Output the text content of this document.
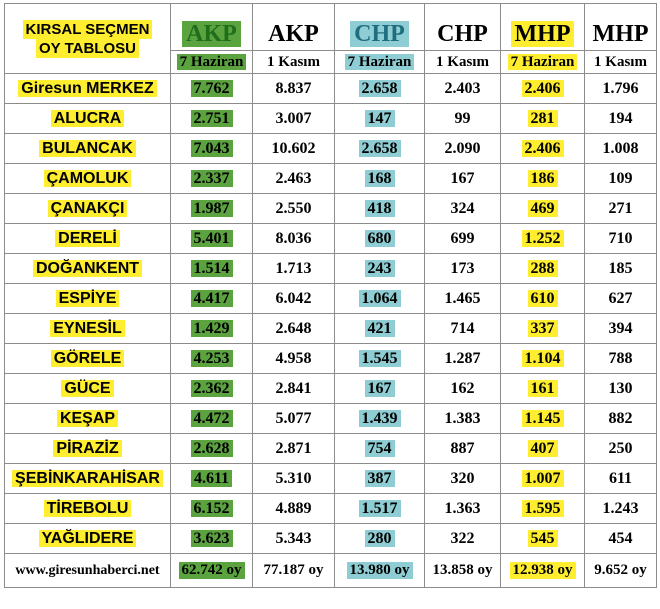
KIRSAL SEÇMEN
OY TABLOSU	AKP	AKP	CHP	CHP	MHP	MHP
	7 Haziran	1 Kasım	7 Haziran	1 Kasım	7 Haziran	1 Kasım
Giresun MERKEZ	7.762	8.837	2.658	2.403	2.406	1.796
ALUCRA	2.751	3.007	147	99	281	194
BULANCAK	7.043	10.602	2.658	2.090	2.406	1.008
ÇAMOLUK	2.337	2.463	168	167	186	109
ÇANAKÇI	1.987	2.550	418	324	469	271
DERELİ	5.401	8.036	680	699	1.252	710
DOĞANKENT	1.514	1.713	243	173	288	185
ESPİYE	4.417	6.042	1.064	1.465	610	627
EYNESİL	1.429	2.648	421	714	337	394
GÖRELE	4.253	4.958	1.545	1.287	1.104	788
GÜCE	2.362	2.841	167	162	161	130
KEŞAP	4.472	5.077	1.439	1.383	1.145	882
PİRAZİZ	2.628	2.871	754	887	407	250
ŞEBİNKARAHİSAR	4.611	5.310	387	320	1.007	611
TİREBOLU	6.152	4.889	1.517	1.363	1.595	1.243
YAĞLIDERE	3.623	5.343	280	322	545	454
www.giresunhaberci.net	62.742 oy	77.187 oy	13.980 oy	13.858 oy	12.938 oy	9.652 oy
